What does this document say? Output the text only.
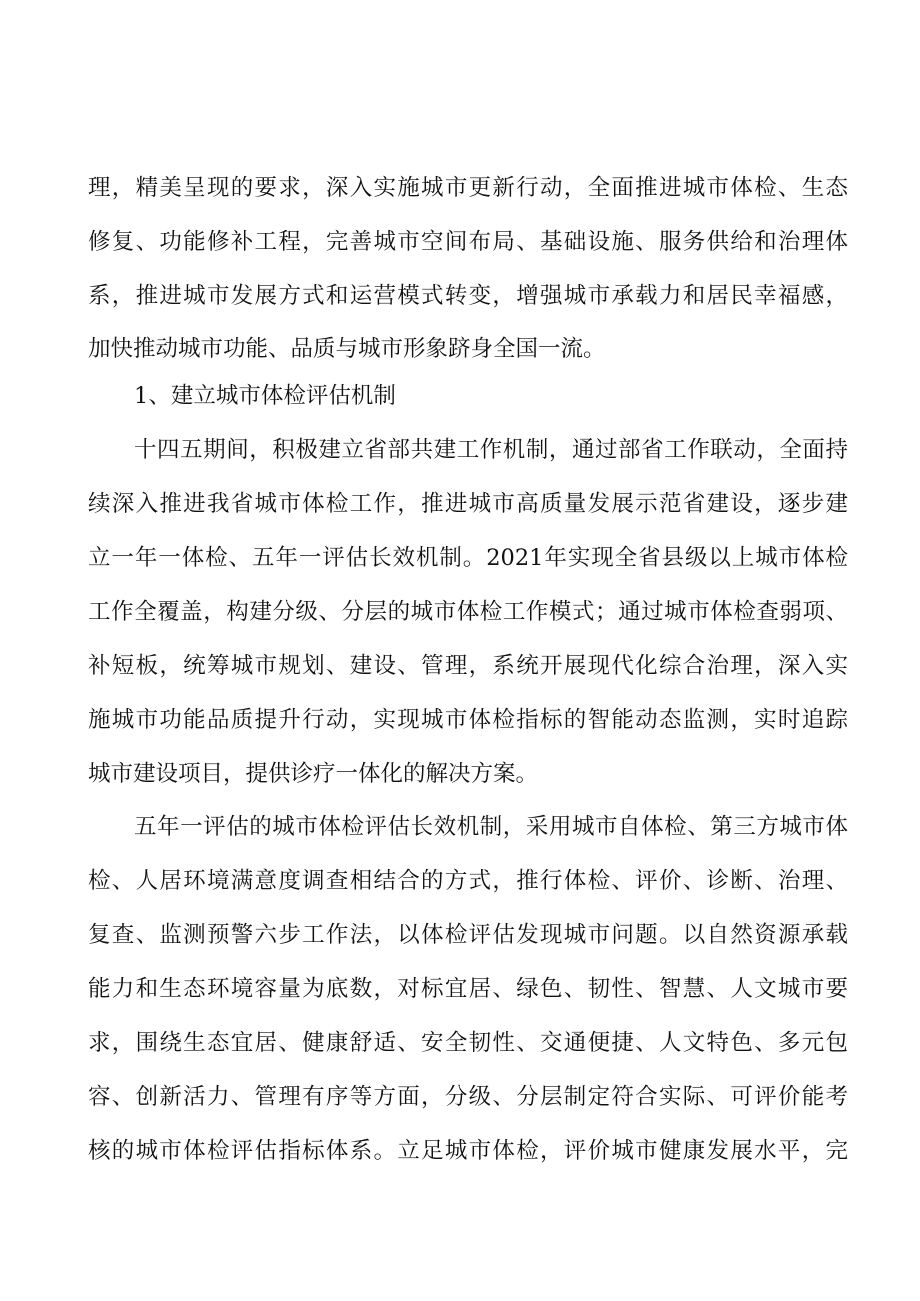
理，精美呈现的要求，深入实施城市更新行动，全面推进城市体检、生态
修复、功能修补工程，完善城市空间布局、基础设施、服务供给和治理体
系，推进城市发展方式和运营模式转变，增强城市承载力和居民幸福感，
加快推动城市功能、品质与城市形象跻身全国一流。
1、建立城市体检评估机制
十四五期间，积极建立省部共建工作机制，通过部省工作联动，全面持
续深入推进我省城市体检工作，推进城市高质量发展示范省建设，逐步建
立一年一体检、五年一评估长效机制。2021年实现全省县级以上城市体检
工作全覆盖，构建分级、分层的城市体检工作模式；通过城市体检查弱项、
补短板，统筹城市规划、建设、管理，系统开展现代化综合治理，深入实
施城市功能品质提升行动，实现城市体检指标的智能动态监测，实时追踪
城市建设项目，提供诊疗一体化的解决方案。
五年一评估的城市体检评估长效机制，采用城市自体检、第三方城市体
检、人居环境满意度调查相结合的方式，推行体检、评价、诊断、治理、
复查、监测预警六步工作法，以体检评估发现城市问题。以自然资源承载
能力和生态环境容量为底数，对标宜居、绿色、韧性、智慧、人文城市要
求，围绕生态宜居、健康舒适、安全韧性、交通便捷、人文特色、多元包
容、创新活力、管理有序等方面，分级、分层制定符合实际、可评价能考
核的城市体检评估指标体系。立足城市体检，评价城市健康发展水平，完
